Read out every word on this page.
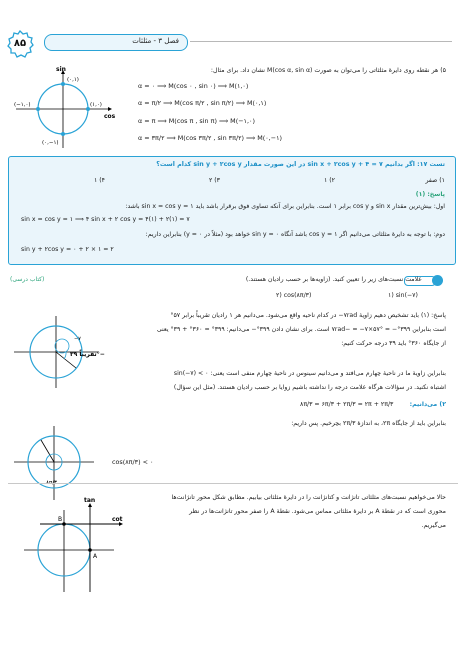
۸۵	فصل ۳ - مثلثات
۵) هر نقطه روی دایرهٔ مثلثاتی را می‌توان به صورت M(cos α, sin α) نشان داد. برای مثال:
sin
cos
(۰,۱)
(−۱,۰)	(۱,۰)
(۰,−۱)
α = ۰ ⟹ M(cos ۰ , sin ۰) ⟹ M(۱,۰)
α = π/۲ ⟹ M(cos π/۲ , sin π/۲) ⟹ M(۰,۱)
α = π ⟹ M(cos π , sin π) ⟹ M(−۱,۰)
α = ۳π/۲ ⟹ M(cos ۳π/۲ , sin ۳π/۲) ⟹ M(۰,−۱)
تست ۱۷: اگر بدانیم ۷ = sin x + ۲cos y + ۴ در این صورت مقدار sin y + ۲cos y کدام است؟
۱) صفر
۲) ۱
۳) ۲
۴) ۱
پاسخ: (۱)
اول: بیش‌ترین مقدار sin x و cos y برابر ۱ است. بنابراین برای آنکه تساوی فوق برقرار باشد باید ۱ = sin x = cos y باشد:
sin x = cos y = ۱ ⟹ ۴ sin x + ۲ cos y = ۴(۱) + ۲(۱) = ۷
دوم: با توجه به دایرهٔ مثلثاتی می‌دانیم اگر ۱ = cos y باشد آنگاه ۰ = sin y خواهد بود (مثلاً در y = ۰) بنابراین داریم:
sin y + ۲cos y = ۰ + ۲ × ۱ = ۲
علامت نسبت‌های زیر را تعیین کنید. (زاویه‌ها بر حسب رادیان هستند.)
(کتاب درسی)
۱) sin(−۷)
۲) cos(۸π/۳)
پاسخ: (۱) باید تشخیص دهیم زاویهٔ ۷rad− در کدام ناحیه واقع می‌شود. می‌دانیم هر ۱ رادیان تقریباً برابر ۵۷°
است بنابراین ۳۹۹°− = ۷rad− = −۷×۵۷° است. برای نشان دادن ۳۹۹°− می‌دانیم: ۳۹۹° = ۳۶۰° + ۳۹° یعنی
از جایگاه ۳۶۰° باید ۳۹ درجه حرکت کنیم:
−۷
تقریباً ۳۹°−
بنابراین زاویهٔ ما در ناحیهٔ چهارم می‌افتد و می‌دانیم سینوس در ناحیهٔ چهارم منفی است یعنی: sin(−۷) < ۰
اشتباه نکنید. در سؤالات هرگاه علامت درجه را نداشته باشیم زوایا بر حسب رادیان هستند. (مثل این سؤال)
۲) می‌دانیم:
۸π/۳ = ۶π/۳ + ۲π/۳ = ۲π + ۲π/۳
بنابراین باید از جایگاه ۲π، به اندازهٔ ۲π/۳ بچرخیم. پس داریم:
۸π/۳
cos(۸π/۳) < ۰
حالا می‌خواهیم نسبت‌های مثلثاتی تانژانت و کتانژانت را در دایرهٔ مثلثاتی بیابیم. مطابق شکل محور تانژانت‌ها
محوری است که در نقطهٔ A بر دایرهٔ مثلثاتی مماس می‌شود. نقطهٔ A را صفر محور تانژانت‌ها در نظر
می‌گیریم.
tan
cot
A
B
